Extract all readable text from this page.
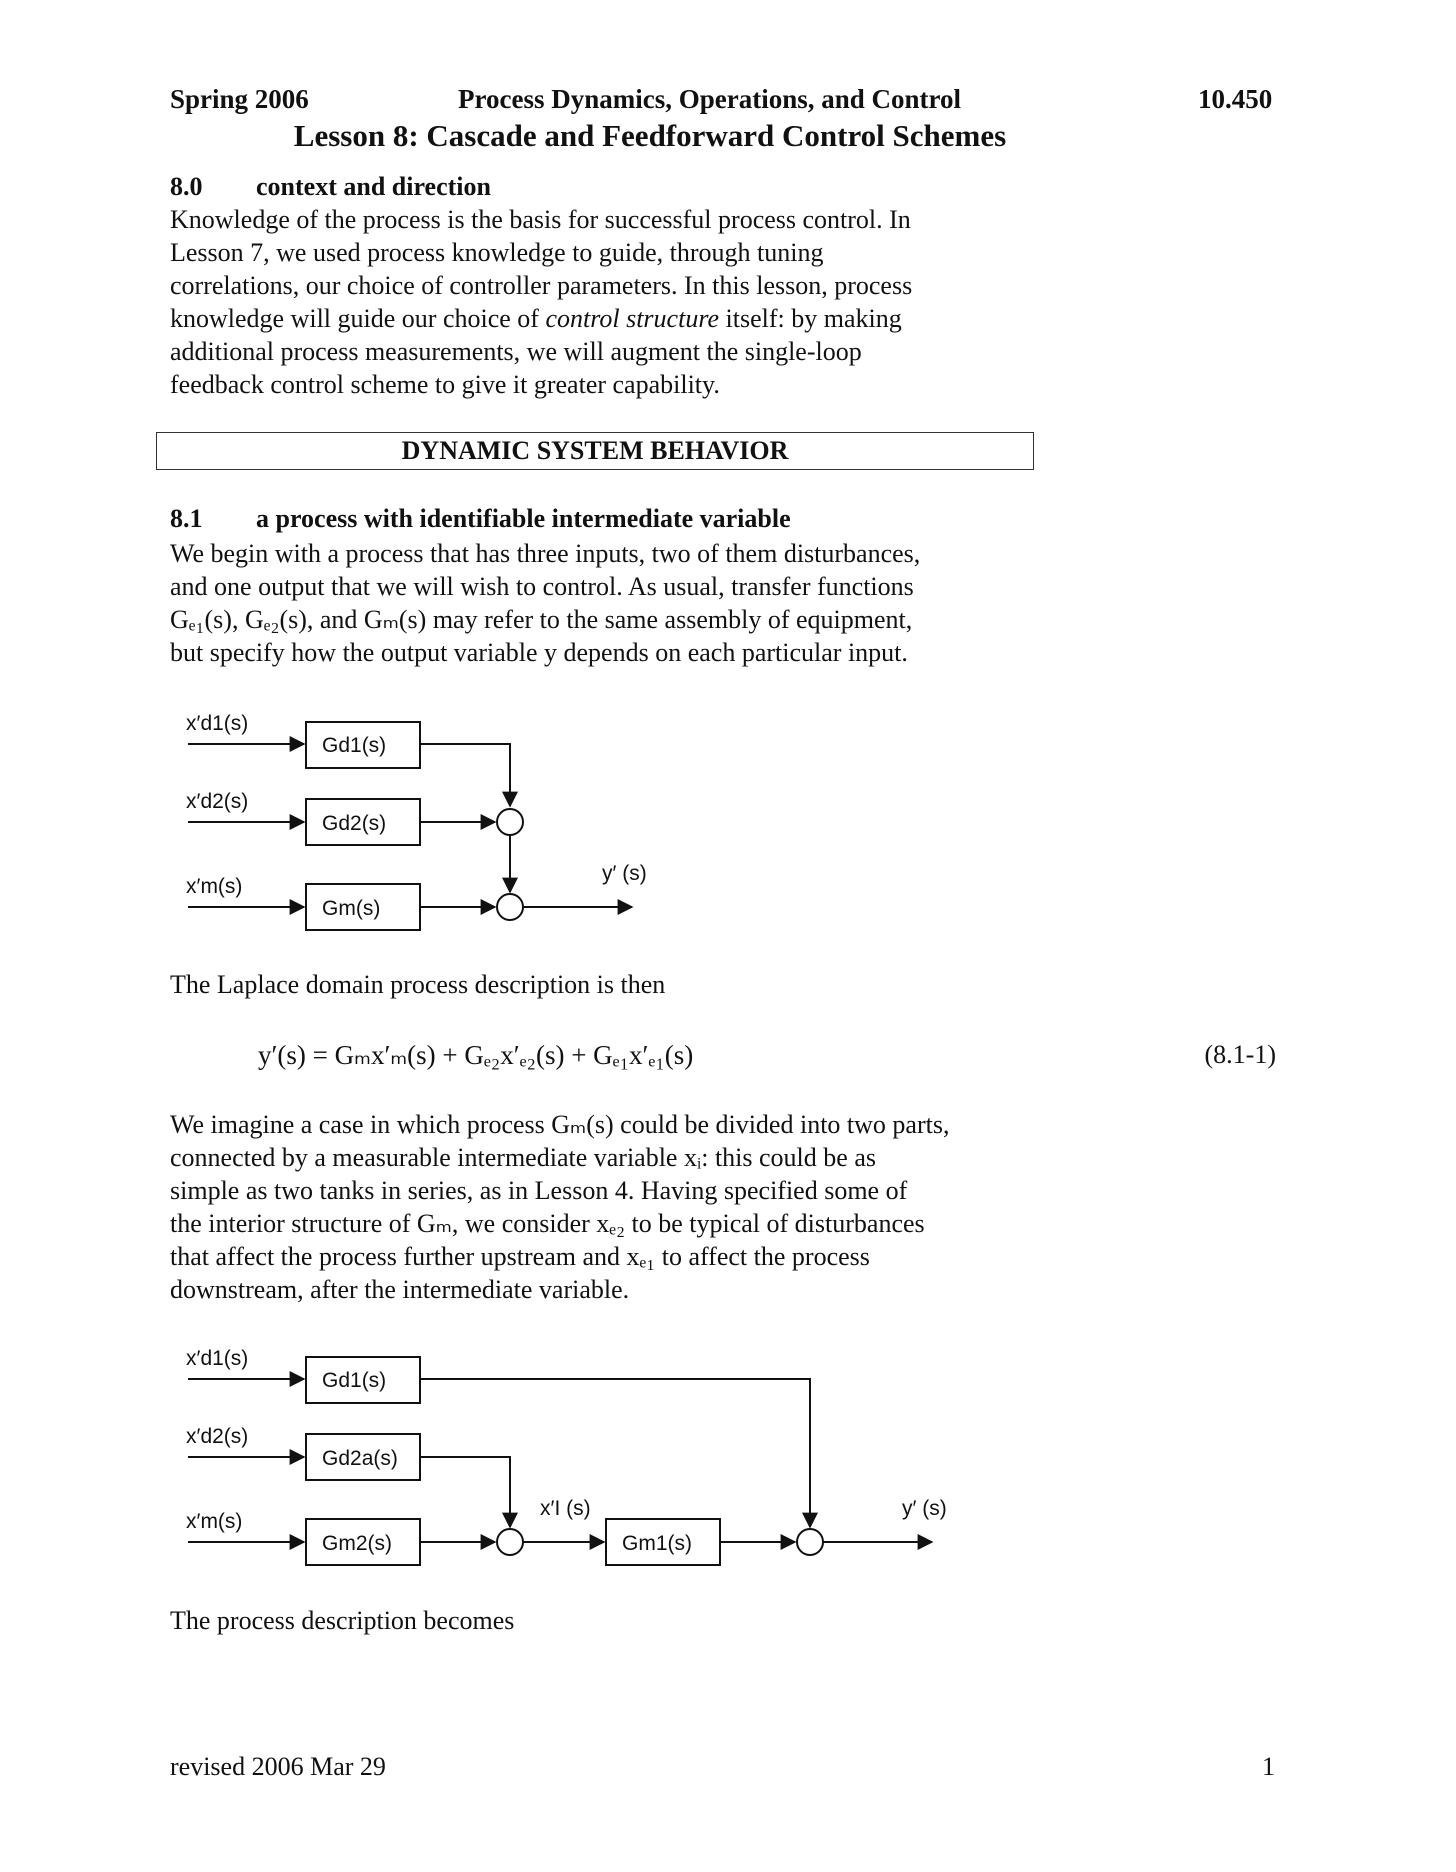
Spring 2006	Process Dynamics, Operations, and Control	10.450
Lesson 8: Cascade and Feedforward Control Schemes
8.0 context and direction

Knowledge of the process is the basis for successful process control. In

Lesson 7, we used process knowledge to guide, through tuning

correlations, our choice of controller parameters. In this lesson, process

knowledge will guide our choice of control structure itself: by making

additional process measurements, we will augment the single-loop

feedback control scheme to give it greater capability.

DYNAMIC SYSTEM BEHAVIOR
8.1 a process with identifiable intermediate variable

We begin with a process that has three inputs, two of them disturbances,

and one output that we will wish to control. As usual, transfer functions

Gₑ₁(s), Gₑ₂(s), and Gₘ(s) may refer to the same assembly of equipment,

but specify how the output variable y depends on each particular input.

x′d1(s)
x′d2(s)
x′m(s)
Gd1(s)
Gd2(s)
Gm(s)
y′ (s)
The Laplace domain process description is then
y′(s) = Gₘx′ₘ(s) + Gₑ₂x′ₑ₂(s) + Gₑ₁x′ₑ₁(s)	(8.1-1)

We imagine a case in which process Gₘ(s) could be divided into two parts,

connected by a measurable intermediate variable xᵢ: this could be as

simple as two tanks in series, as in Lesson 4. Having specified some of

the interior structure of Gₘ, we consider xₑ₂ to be typical of disturbances

that affect the process further upstream and xₑ₁ to affect the process

downstream, after the intermediate variable.

x′d1(s)
x′d2(s)
x′m(s)
Gd1(s)
Gd2a(s)
Gm2(s)	Gm1(s)
x′I (s)	y′ (s)
The process description becomes
revised 2006 Mar 29	1
